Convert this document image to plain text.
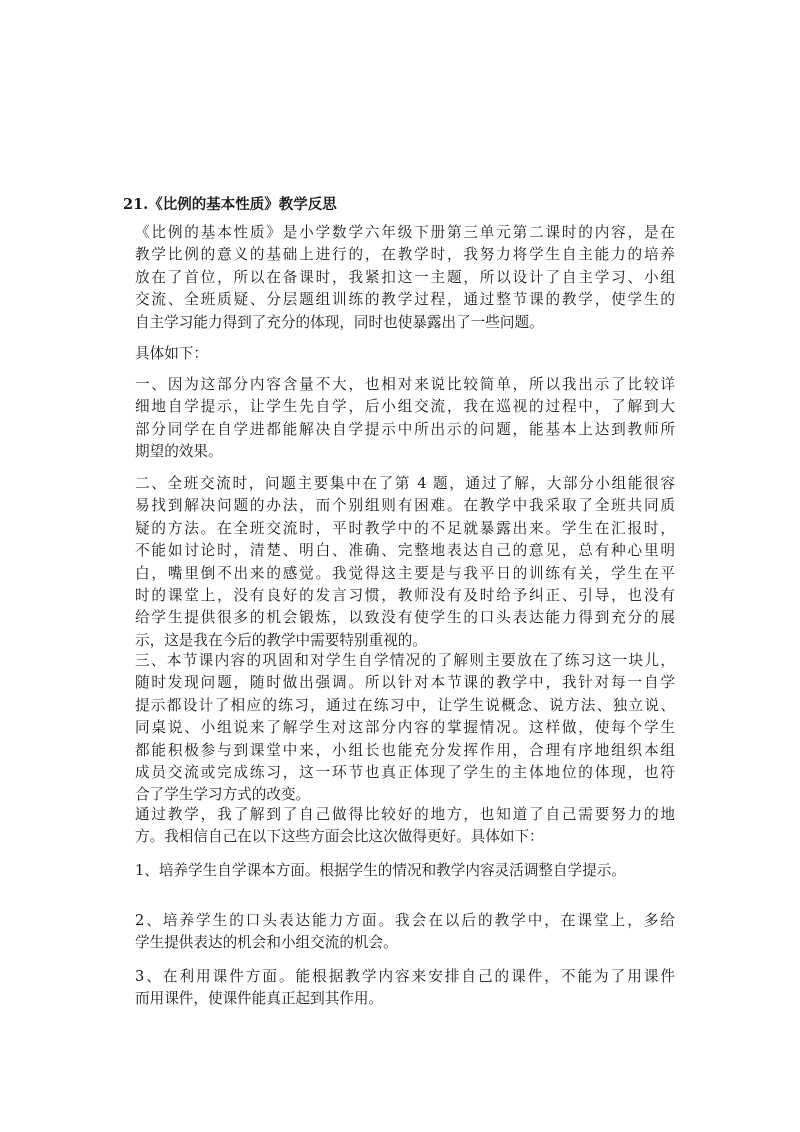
21.《比例的基本性质》教学反思
《比例的基本性质》是小学数学六年级下册第三单元第二课时的内容，是在
教学比例的意义的基础上进行的，在教学时，我努力将学生自主能力的培养
放在了首位，所以在备课时，我紧扣这一主题，所以设计了自主学习、小组
交流、全班质疑、分层题组训练的教学过程，通过整节课的教学，使学生的
自主学习能力得到了充分的体现，同时也使暴露出了一些问题。
具体如下：
一、因为这部分内容含量不大，也相对来说比较简单，所以我出示了比较详
细地自学提示，让学生先自学，后小组交流，我在巡视的过程中，了解到大
部分同学在自学进都能解决自学提示中所出示的问题，能基本上达到教师所
期望的效果。
二、全班交流时，问题主要集中在了第 4 题，通过了解，大部分小组能很容
易找到解决问题的办法，而个别组则有困难。在教学中我采取了全班共同质
疑的方法。在全班交流时，平时教学中的不足就暴露出来。学生在汇报时，
不能如讨论时，清楚、明白、准确、完整地表达自己的意见，总有种心里明
白，嘴里倒不出来的感觉。我觉得这主要是与我平日的训练有关，学生在平
时的课堂上，没有良好的发言习惯，教师没有及时给予纠正、引导，也没有
给学生提供很多的机会锻炼，以致没有使学生的口头表达能力得到充分的展
示，这是我在今后的教学中需要特别重视的。
三、本节课内容的巩固和对学生自学情况的了解则主要放在了练习这一块儿，
随时发现问题，随时做出强调。所以针对本节课的教学中，我针对每一自学
提示都设计了相应的练习，通过在练习中，让学生说概念、说方法、独立说、
同桌说、小组说来了解学生对这部分内容的掌握情况。这样做，使每个学生
都能积极参与到课堂中来，小组长也能充分发挥作用，合理有序地组织本组
成员交流或完成练习，这一环节也真正体现了学生的主体地位的体现，也符
合了学生学习方式的改变。
通过教学，我了解到了自己做得比较好的地方，也知道了自己需要努力的地
方。我相信自己在以下这些方面会比这次做得更好。具体如下：
1、培养学生自学课本方面。根据学生的情况和教学内容灵活调整自学提示。
2、培养学生的口头表达能力方面。我会在以后的教学中，在课堂上，多给
学生提供表达的机会和小组交流的机会。
3、在利用课件方面。能根据教学内容来安排自己的课件，不能为了用课件
而用课件，使课件能真正起到其作用。
